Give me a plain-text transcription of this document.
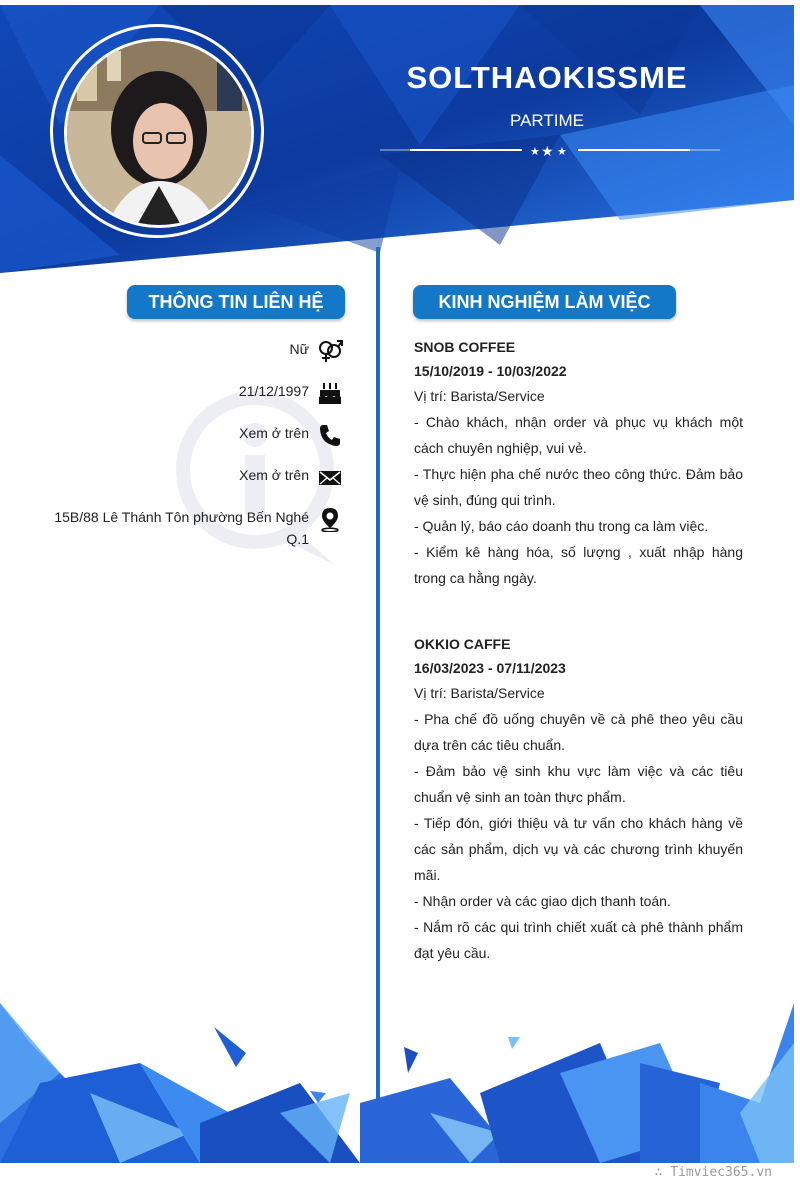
SOLTHAOKISSME
PARTIME
★ ★ ★
THÔNG TIN LIÊN HỆ
Nữ
21/12/1997
Xem ở trên
Xem ở trên
15B/88 Lê Thánh Tôn phường Bến Nghé Q.1
KINH NGHIỆM LÀM VIỆC
SNOB COFFEE
15/10/2019 - 10/03/2022
Vị trí: Barista/Service
- Chào khách, nhận order và phục vụ khách một cách chuyên nghiệp, vui vẻ.
- Thực hiện pha chế nước theo công thức. Đảm bảo vệ sinh, đúng qui trình.
- Quản lý, báo cáo doanh thu trong ca làm việc.
- Kiểm kê hàng hóa, số lượng , xuất nhập hàng trong ca hằng ngày.
OKKIO CAFFE
16/03/2023 - 07/11/2023
Vị trí: Barista/Service
- Pha chế đồ uống chuyên về cà phê theo yêu cầu dựa trên các tiêu chuẩn.
- Đảm bảo vệ sinh khu vực làm việc và các tiêu chuẩn vệ sinh an toàn thực phẩm.
- Tiếp đón, giới thiệu và tư vấn cho khách hàng về các sản phẩm, dịch vụ và các chương trình khuyến mãi.
- Nhận order và các giao dịch thanh toán.
- Nắm rõ các qui trình chiết xuất cà phê thành phẩm đạt yêu cầu.
∴ Timviec365.vn
